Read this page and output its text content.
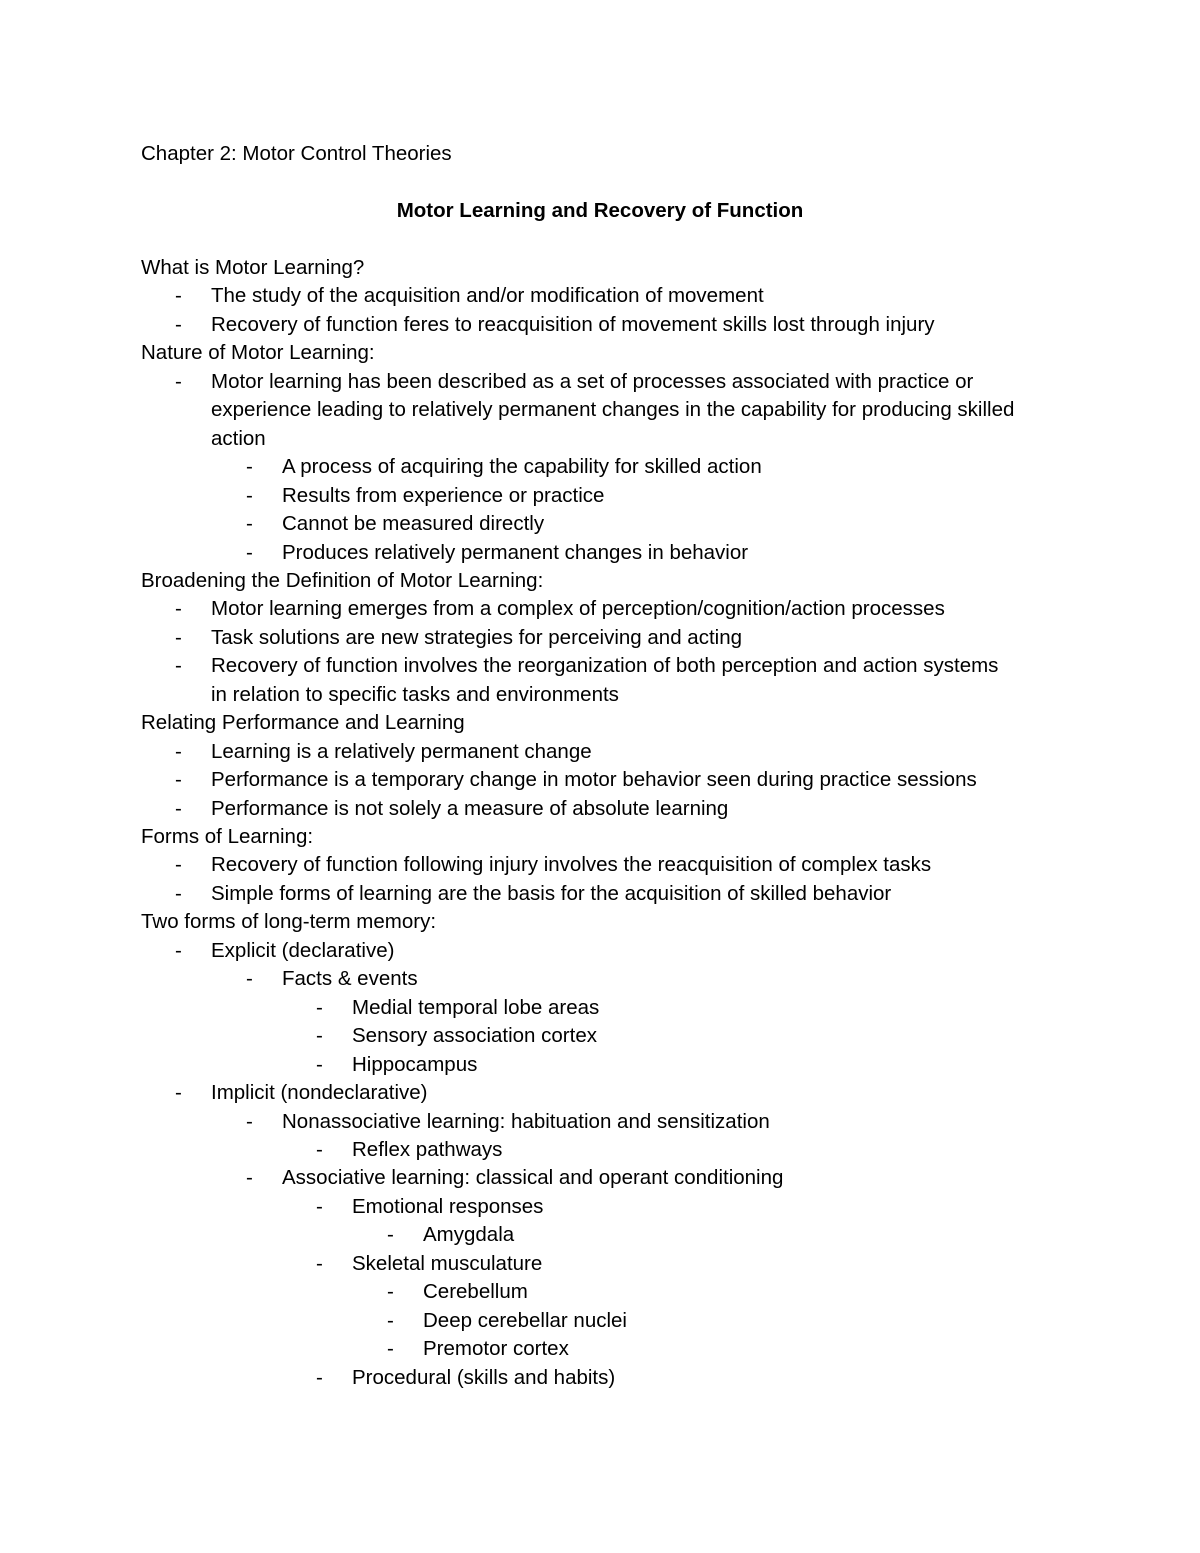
Chapter 2: Motor Control Theories
Motor Learning and Recovery of Function
What is Motor Learning?
- The study of the acquisition and/or modification of movement
- Recovery of function feres to reacquisition of movement skills lost through injury
Nature of Motor Learning:
- Motor learning has been described as a set of processes associated with practice or
experience leading to relatively permanent changes in the capability for producing skilled
action
- A process of acquiring the capability for skilled action
- Results from experience or practice
- Cannot be measured directly
- Produces relatively permanent changes in behavior
Broadening the Definition of Motor Learning:
- Motor learning emerges from a complex of perception/cognition/action processes
- Task solutions are new strategies for perceiving and acting
- Recovery of function involves the reorganization of both perception and action systems
in relation to specific tasks and environments
Relating Performance and Learning
- Learning is a relatively permanent change
- Performance is a temporary change in motor behavior seen during practice sessions
- Performance is not solely a measure of absolute learning
Forms of Learning:
- Recovery of function following injury involves the reacquisition of complex tasks
- Simple forms of learning are the basis for the acquisition of skilled behavior
Two forms of long-term memory:
- Explicit (declarative)
- Facts & events
- Medial temporal lobe areas
- Sensory association cortex
- Hippocampus
- Implicit (nondeclarative)
- Nonassociative learning: habituation and sensitization
- Reflex pathways
- Associative learning: classical and operant conditioning
- Emotional responses
- Amygdala
- Skeletal musculature
- Cerebellum
- Deep cerebellar nuclei
- Premotor cortex
- Procedural (skills and habits)
